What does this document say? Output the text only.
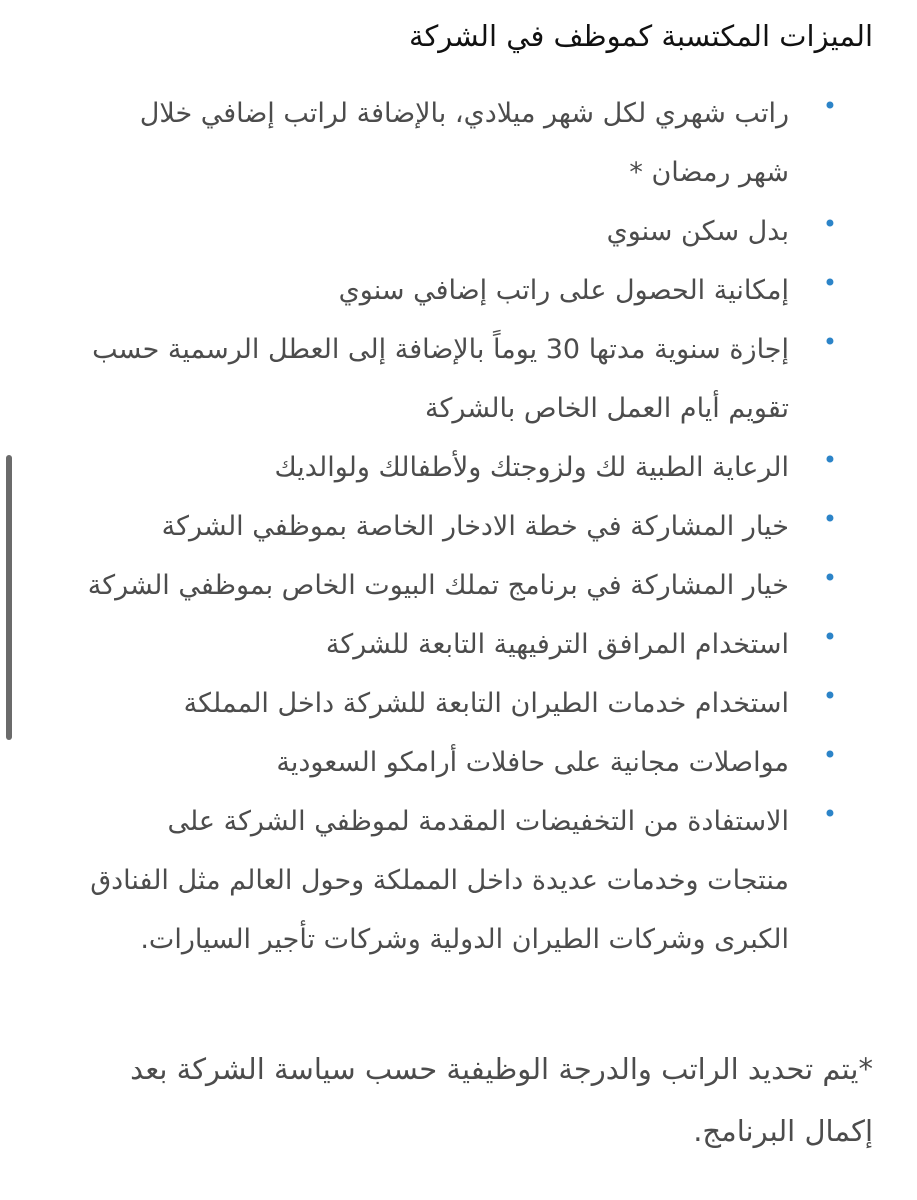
الميزات المكتسبة كموظف في الشركة
•
راتب شهري لكل شهر ميلادي، بالإضافة لراتب إضافي خلال شهر رمضان *
•
بدل سكن سنوي
•
إمكانية الحصول على راتب إضافي سنوي
•
إجازة سنوية مدتها 30 يوماً بالإضافة إلى العطل الرسمية حسب تقويم أيام العمل الخاص بالشركة
•
الرعاية الطبية لك ولزوجتك ولأطفالك ولوالديك
•
خيار المشاركة في خطة الادخار الخاصة بموظفي الشركة
•
خيار المشاركة في برنامج تملك البيوت الخاص بموظفي الشركة
•
استخدام المرافق الترفيهية التابعة للشركة
•
استخدام خدمات الطيران التابعة للشركة داخل المملكة
•
مواصلات مجانية على حافلات أرامكو السعودية
•
الاستفادة من التخفيضات المقدمة لموظفي الشركة على منتجات وخدمات عديدة داخل المملكة وحول العالم مثل الفنادق الكبرى وشركات الطيران الدولية وشركات تأجير السيارات.

*يتم تحديد الراتب والدرجة الوظيفية حسب سياسة الشركة بعد إكمال البرنامج.
